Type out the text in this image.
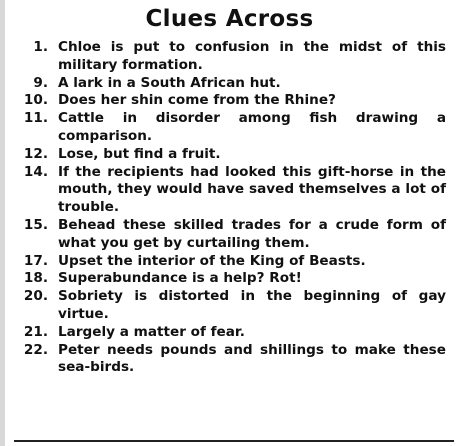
Clues Across
1. Chloe is put to confusion in the midst of this military formation.
9. A lark in a South African hut.
10. Does her shin come from the Rhine?
11. Cattle in disorder among fish drawing a comparison.
12. Lose, but find a fruit.
14. If the recipients had looked this gift-horse in the mouth, they would have saved themselves a lot of trouble.
15. Behead these skilled trades for a crude form of what you get by curtailing them.
17. Upset the interior of the King of Beasts.
18. Superabundance is a help? Rot!
20. Sobriety is distorted in the beginning of gay virtue.
21. Largely a matter of fear.
22. Peter needs pounds and shillings to make these sea-birds.
